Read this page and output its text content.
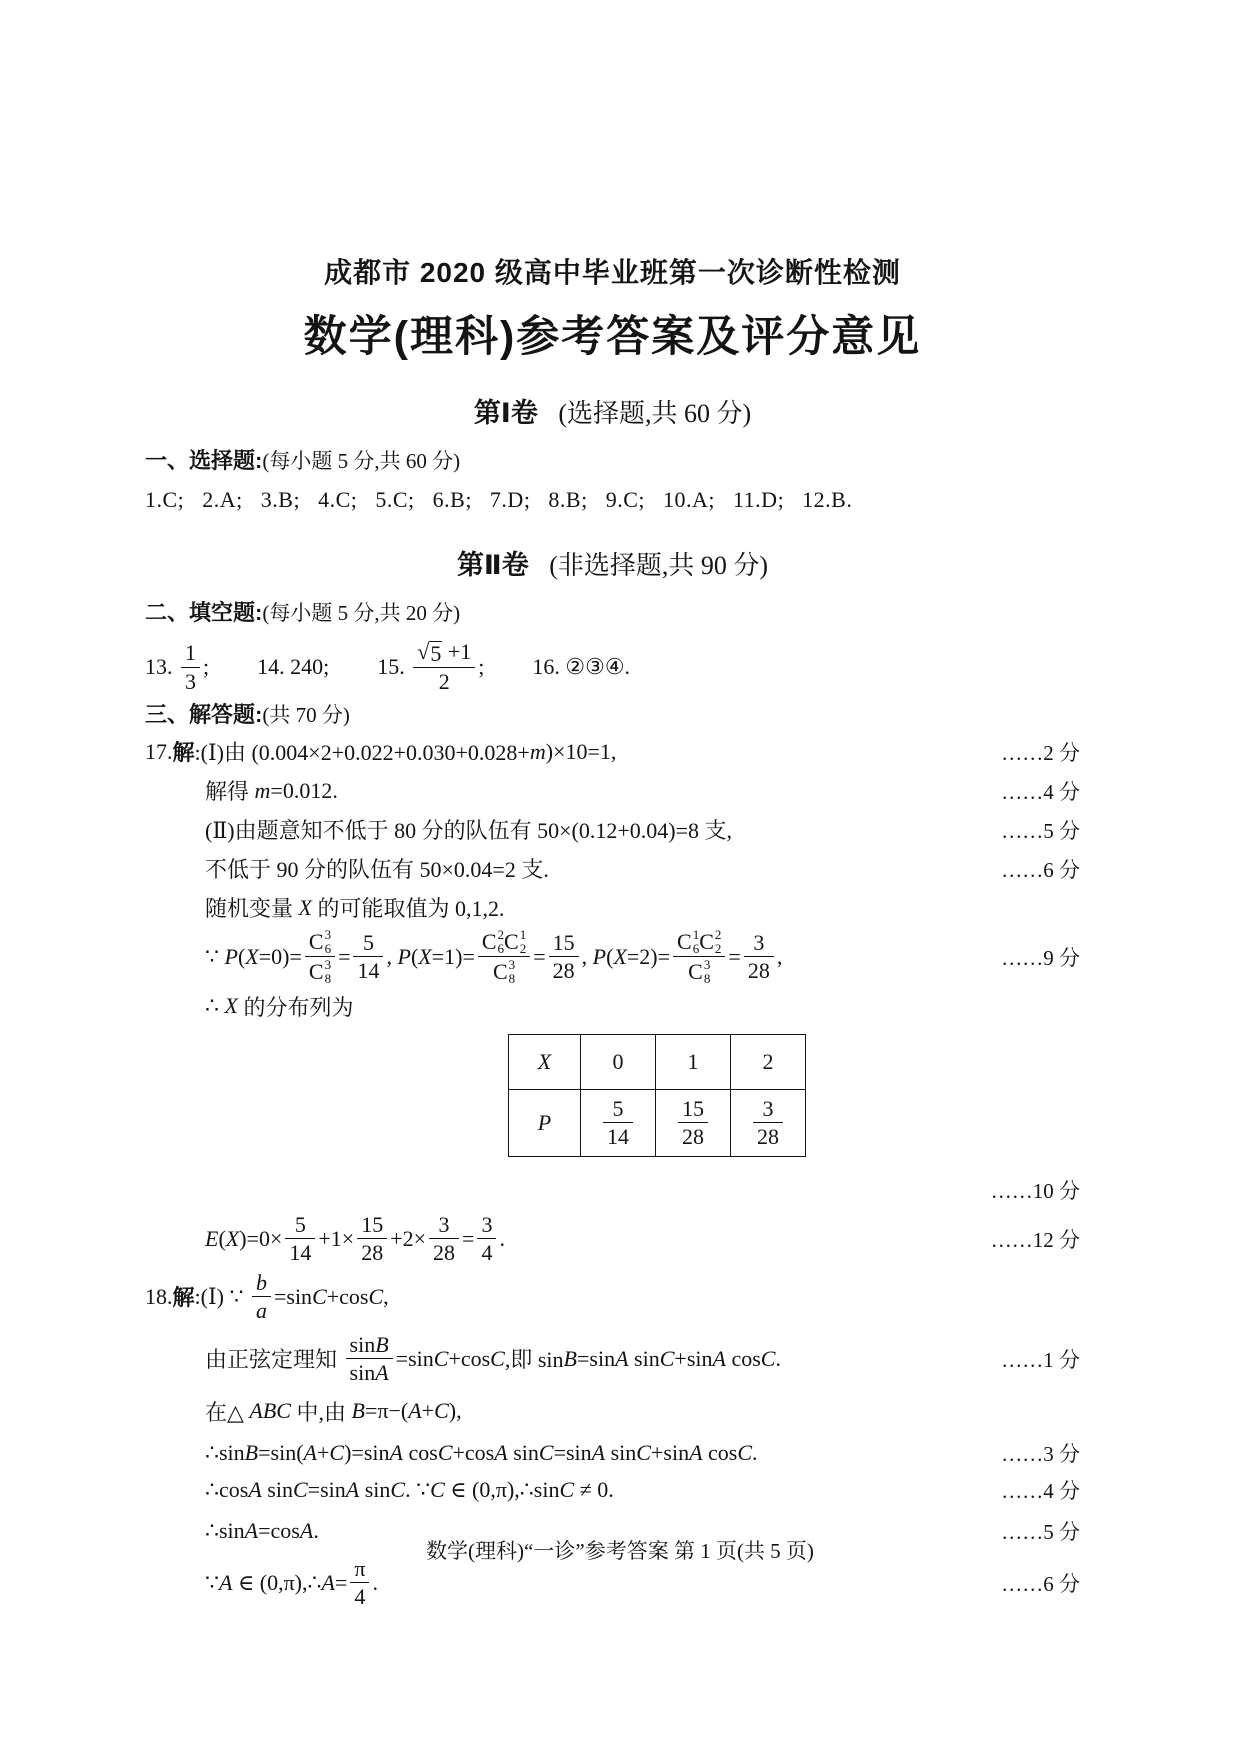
成都市 2020 级高中毕业班第一次诊断性检测
数学(理科)参考答案及评分意见
第Ⅰ卷 (选择题,共 60 分)
一、选择题:(每小题 5 分,共 60 分)
1.C;   2.A;   3.B;   4.C;   5.C;   6.B;   7.D;   8.B;   9.C;   10.A;   11.D;   12.B.
第Ⅱ卷 (非选择题,共 90 分)
二、填空题:(每小题 5 分,共 20 分)
13. $\frac{1}{3}$ ; 14. 240; 15. $\frac{√ 5 +1}{2}$ ; 16. ②③④.
三、解答题:(共 70 分)
17. 解 :(Ⅰ)由 (0.004×2+0.022+0.030+0.028+ m )×10=1,	……2 分
解得 m =0.012.	……4 分
(Ⅱ)由题意知不低于 80 分的队伍有 50×(0.12+0.04)=8 支,	……5 分
不低于 90 分的队伍有 50×0.04=2 支.	……6 分
随机变量 X 的可能取值为 0,1,2.
∵ P ( X =0)= C 3
6
C 3
$8 = \frac{5}{14}$ , P ( X =1)= C 2
6 C 1
2
C 3
$8 = \frac{15}{28}$ , P ( X =2)= C 1
6 C 2
2
C 3
$8 = \frac{3}{28}$ ,	……9 分
∴ X 的分布列为
X	0	1	2

P	$\frac{5}{14}$	$\frac{15}{28}$	$\frac{3}{28}$
……10 分
E ( X )$=0\times \frac{5}{14} +1\times \frac{15}{28} +2\times \frac{3}{28} = \frac{3}{4}$ .	……12 分
18. 解 :(Ⅰ) ∵ $\frac{b}{a} =\sin$ C +cos C ,
由正弦定理知 $\frac{\sin B}{\sin A} =\sin$ C +cos C ,即 sin B =sin A sin C +sin A cos C .	……1 分
在△ ABC 中,由 B =π−( A + C ),
∴sin B =sin( A + C )=sin A cos C +cos A sin C =sin A sin C +sin A cos C .	……3 分
∴cos A sin C =sin A sin C . ∵ C ∈ (0,π),∴sin C ≠ 0.	……4 分
∴sin A =cos A .	……5 分
∵ A ∈ (0,π),∴ $A = \frac{\pi}{4}$ .	……6 分
数学(理科)“一诊”参考答案 第 1 页(共 5 页)
